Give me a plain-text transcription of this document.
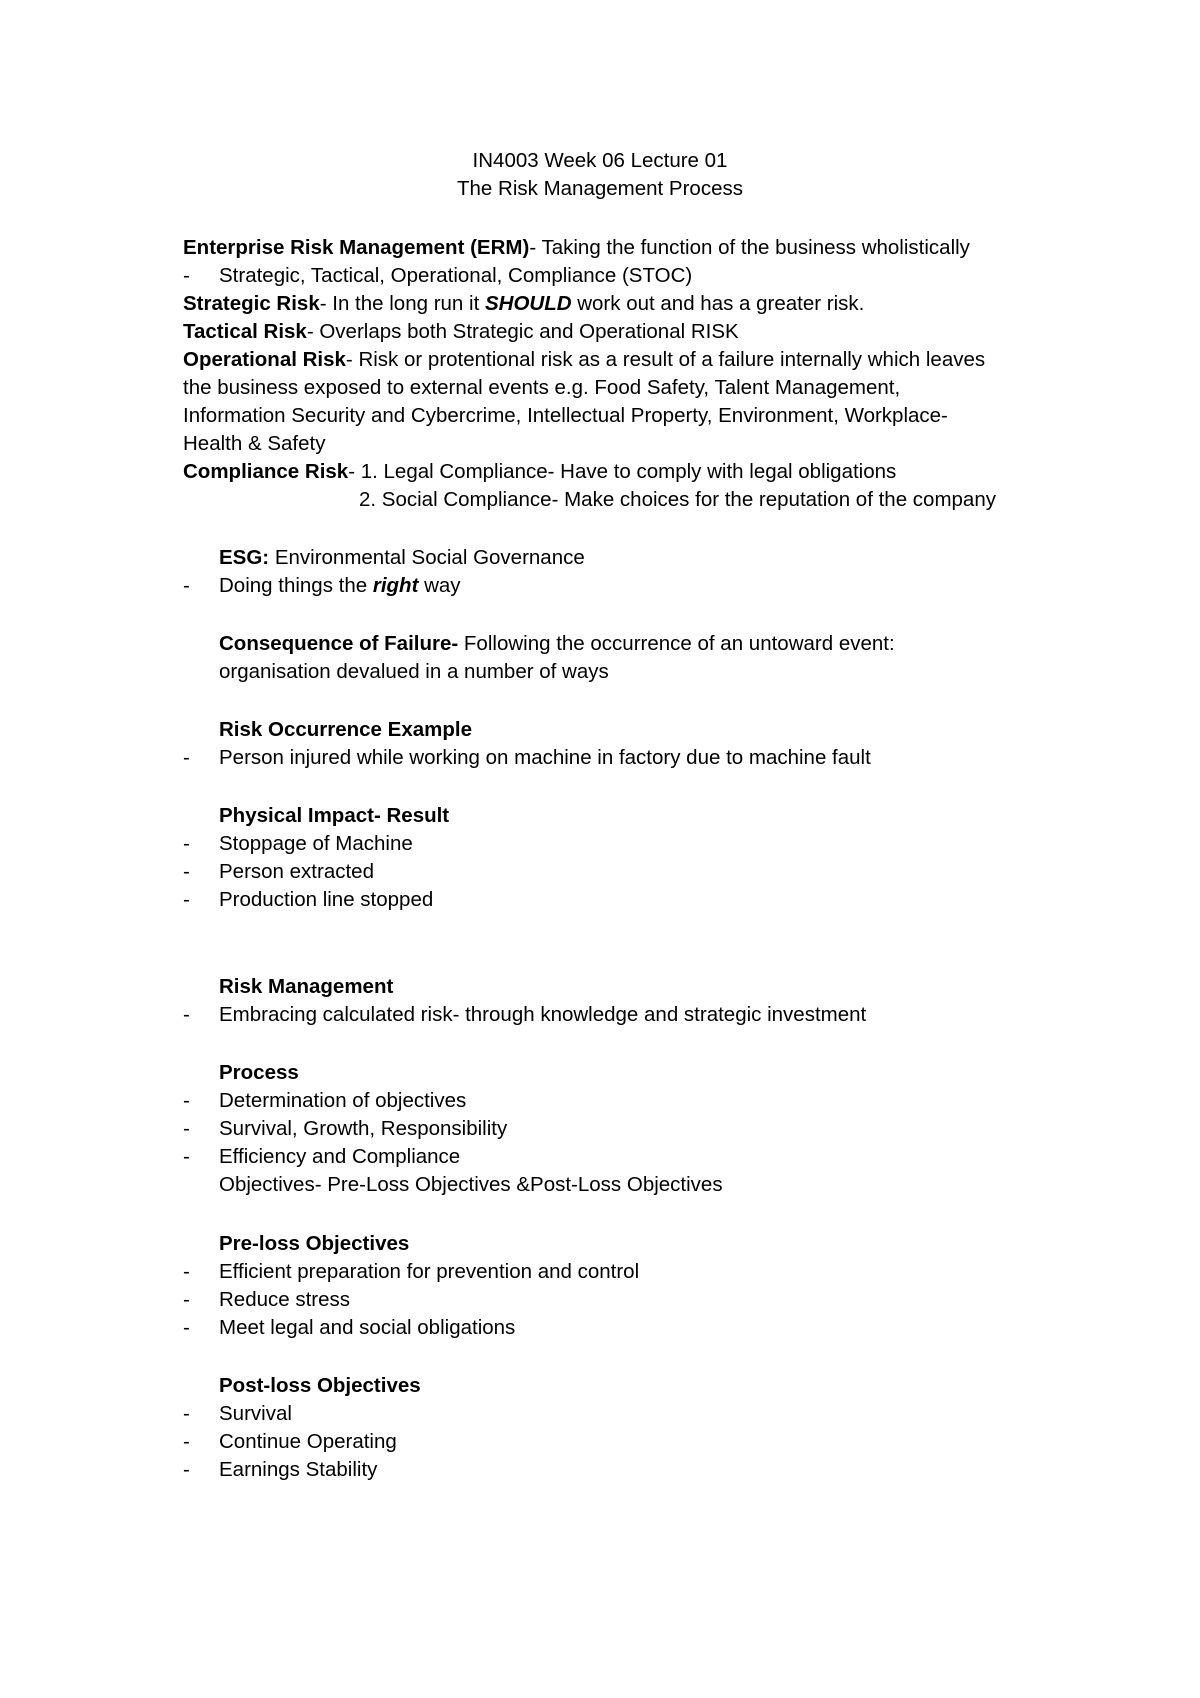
IN4003 Week 06 Lecture 01
The Risk Management Process
Enterprise Risk Management (ERM)- Taking the function of the business wholistically
- Strategic, Tactical, Operational, Compliance (STOC)
Strategic Risk- In the long run it SHOULD work out and has a greater risk.
Tactical Risk- Overlaps both Strategic and Operational RISK
Operational Risk- Risk or protentional risk as a result of a failure internally which leaves
the business exposed to external events e.g. Food Safety, Talent Management,
Information Security and Cybercrime, Intellectual Property, Environment, Workplace-
Health & Safety
Compliance Risk- 1. Legal Compliance- Have to comply with legal obligations
2. Social Compliance- Make choices for the reputation of the company
ESG: Environmental Social Governance
- Doing things the right way
Consequence of Failure- Following the occurrence of an untoward event:
organisation devalued in a number of ways
Risk Occurrence Example
- Person injured while working on machine in factory due to machine fault
Physical Impact- Result
- Stoppage of Machine
- Person extracted
- Production line stopped
Risk Management
- Embracing calculated risk- through knowledge and strategic investment
Process
- Determination of objectives
- Survival, Growth, Responsibility
- Efficiency and Compliance
Objectives- Pre-Loss Objectives &Post-Loss Objectives
Pre-loss Objectives
- Efficient preparation for prevention and control
- Reduce stress
- Meet legal and social obligations
Post-loss Objectives
- Survival
- Continue Operating
- Earnings Stability
